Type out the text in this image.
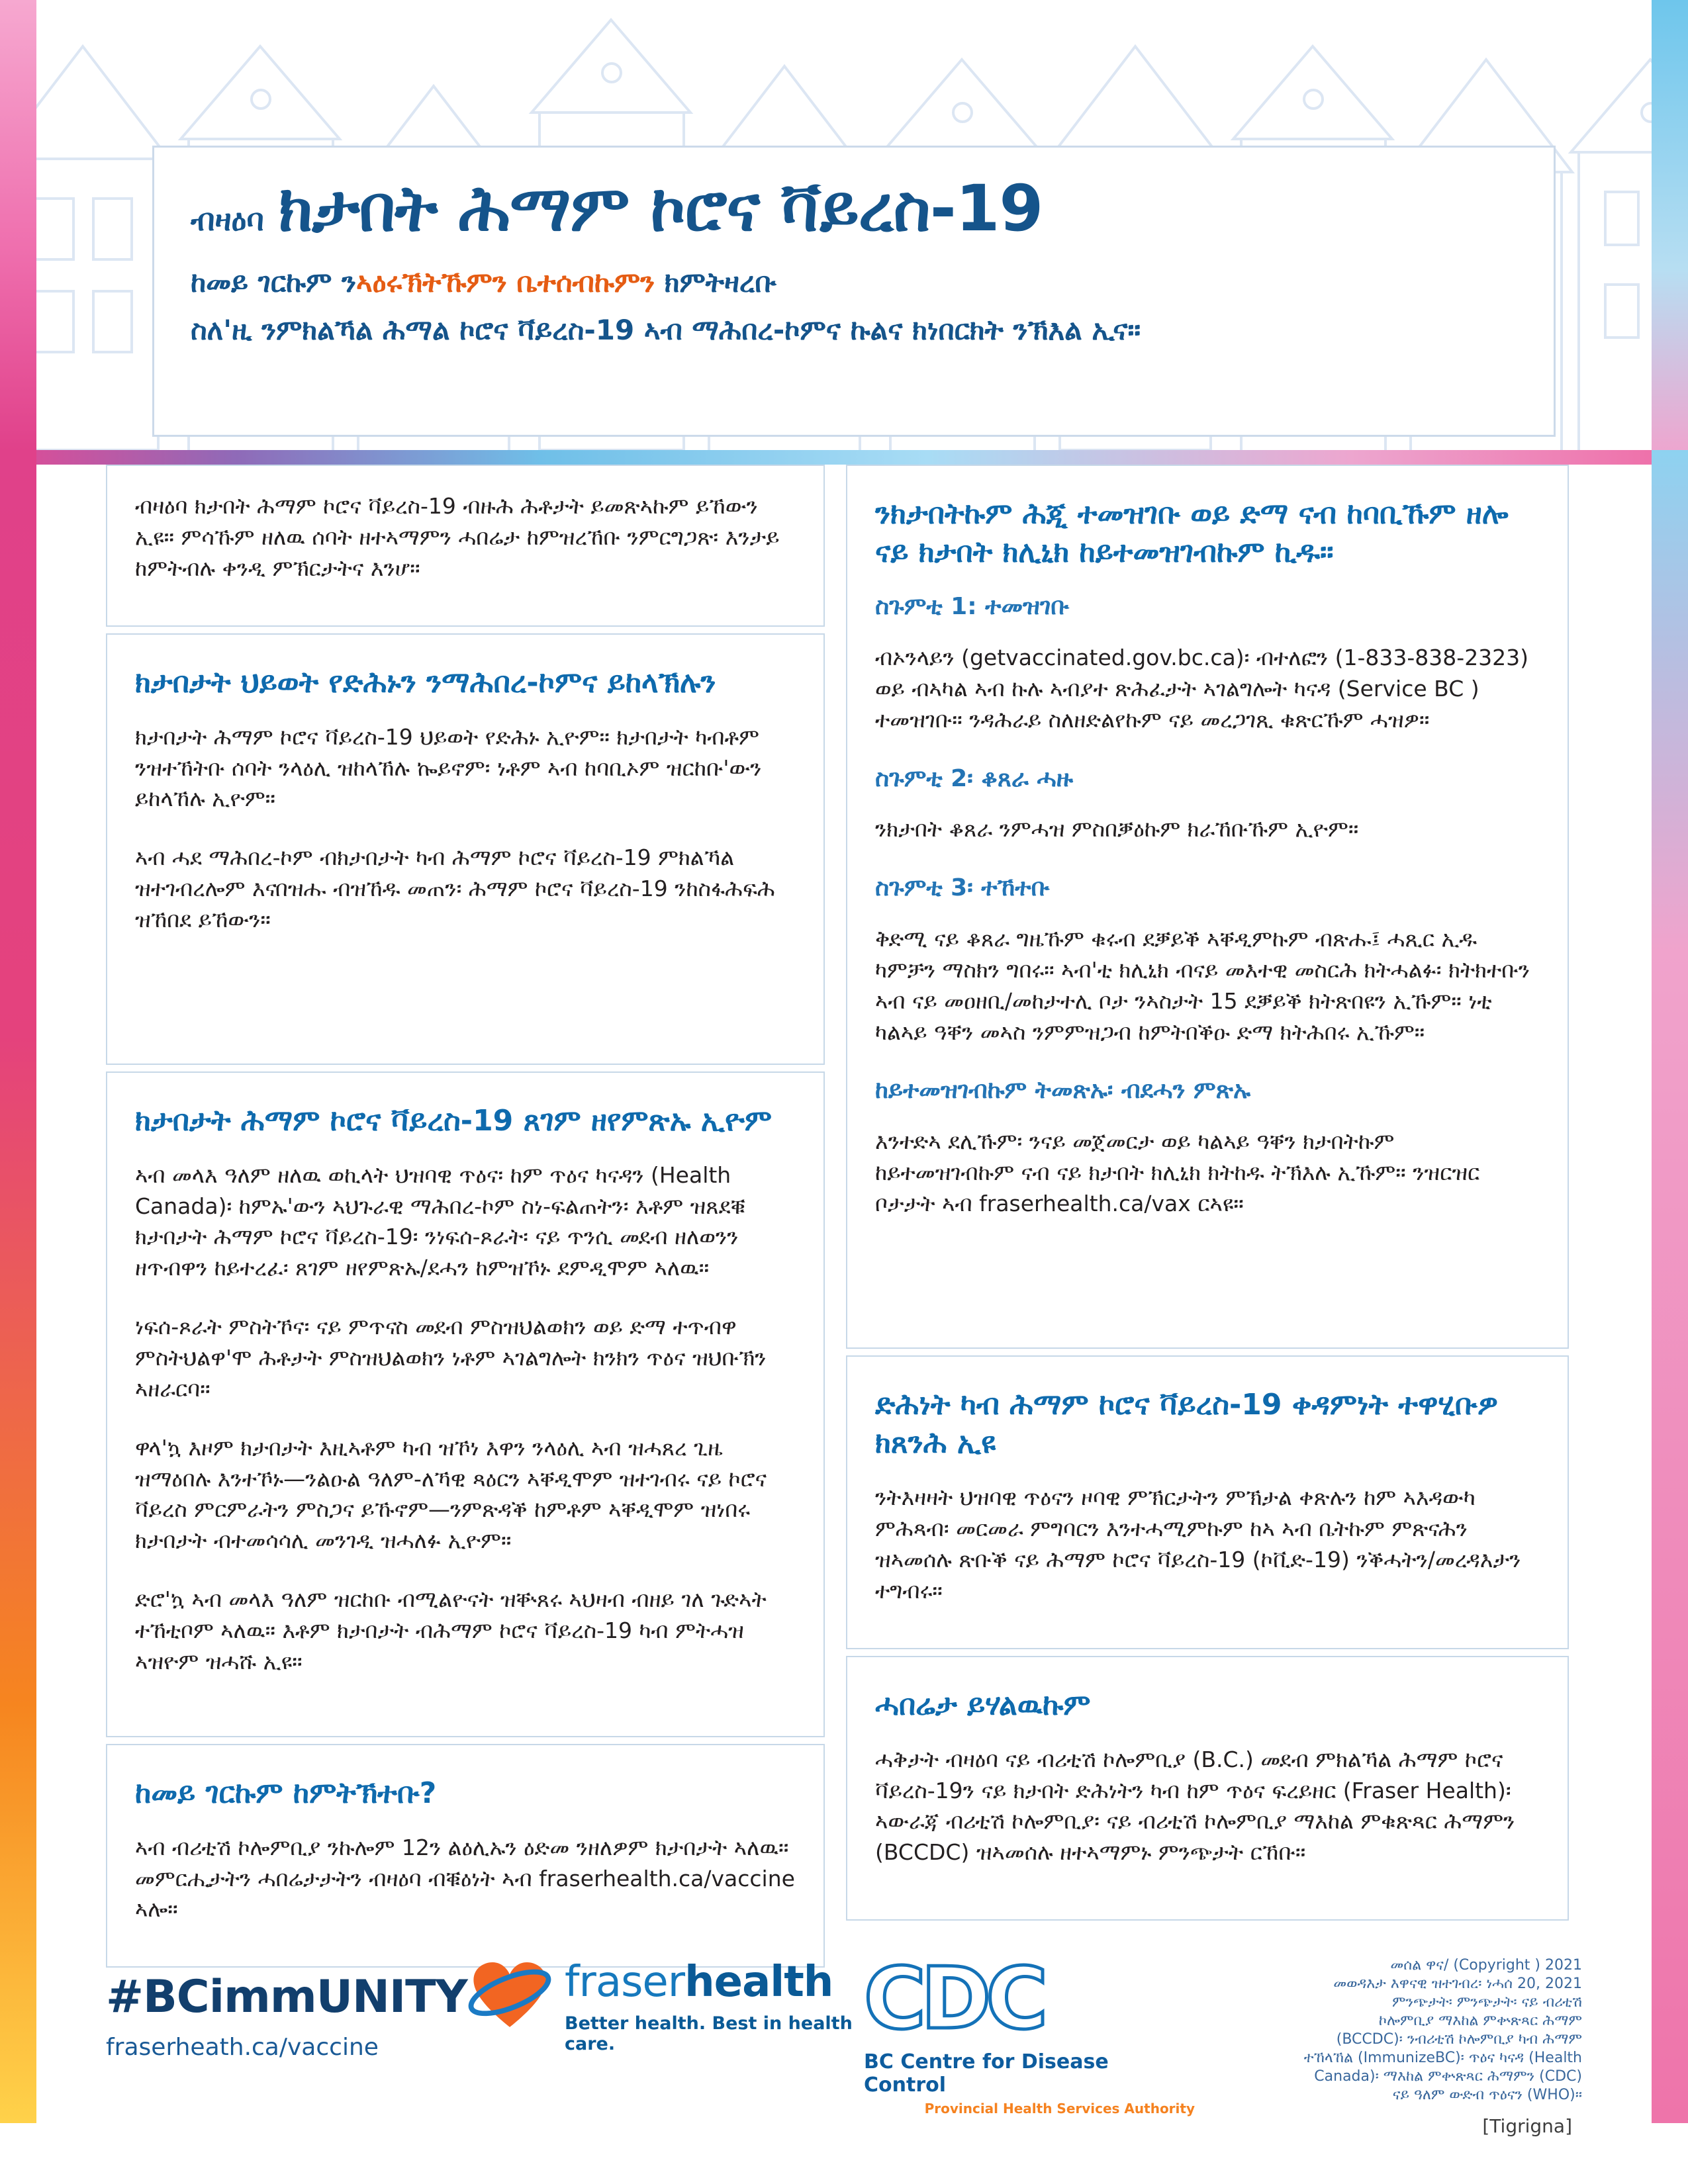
ብዛዕባ ክታበት ሕማም ኮሮና ቫይረስ-19
ከመይ ገርኩም ንኣዕሩኽትኹምን ቤተሰብኩምን ክምትዛረቡ
ስለ'ዚ ንምክልኻል ሕማል ኮሮና ቫይረስ-19 ኣብ ማሕበረ-ኮምና ኩልና ክነበርክት ንኽእል ኢና።

ብዛዕባ ክታበት ሕማም ኮሮና ቫይረስ-19 ብዙሕ ሕቶታት ይመጽኣኩም ይኸውን ኢዩ። ምሳኹም ዘለዉ ሰባት ዘተኣማምን ሓበሬታ ከምዝረኸቡ ንምርግጋጽ፡ እንታይ ከምትብሉ ቀንዲ ምኽርታትና እንሆ።

ክታበታት ህይወት የድሕኑን ንማሕበረ-ኮምና ይከላኽሉን

ክታበታት ሕማም ኮሮና ቫይረስ-19 ህይወት የድሕኑ ኢዮም። ክታበታት ካብቶም ንዝተኸትቡ ሰባት ንላዕሊ ዝከላኸሉ ኰይኖም፡ ነቶም ኣብ ከባቢኦም ዝርከቡ'ውን ይከላኸሉ ኢዮም።

ኣብ ሓደ ማሕበረ-ኮም ብክታበታት ካብ ሕማም ኮሮና ቫይረስ-19 ምክልኻል ዝተገብረሎም እናበዝሑ ብዝኸዱ መጠን፡ ሕማም ኮሮና ቫይረስ-19 ንከስፋሕፍሕ ዝኸበደ ይኸውን።

ክታበታት ሕማም ኮሮና ቫይረስ-19 ጸገም ዘየምጽኡ ኢዮም

ኣብ መላእ ዓለም ዘለዉ ወኪላት ህዝባዊ ጥዕና፡ ከም ጥዕና ካናዳን (Health Canada)፡ ከምኡ'ውን ኣህጉራዊ ማሕበረ-ኮም ስነ-ፍልጠትን፡ እቶም ዝጸደቑ ክታበታት ሕማም ኮሮና ቫይረስ-19፡ ንነፍሰ-ጾራት፡ ናይ ጥንሲ መደብ ዘለወንን ዘጥብዋን ከይተረፈ፡ ጸገም ዘየምጽኡ/ደሓን ከምዝኾኑ ደምዲሞም ኣለዉ።

ነፍሰ-ጾራት ምስትኾና፡ ናይ ምጥናስ መደብ ምስዝህልወክን ወይ ድማ ተጥብዋ ምስትህልዋ'ሞ ሕቶታት ምስዝህልወክን ነቶም ኣገልግሎት ክንክን ጥዕና ዝህቡኽን ኣዘራርባ።

ዋላ'ኳ እዞም ክታበታት እዚኣቶም ካብ ዝኾነ እዋን ንላዕሊ ኣብ ዝሓጸረ ጊዜ ዝማዕበሉ እንተኾኑ—ንልዑል ዓለም-ለኻዊ ጻዕርን ኣቐዲሞም ዝተገብሩ ናይ ኮሮና ቫይረስ ምርምራትን ምስጋና ይኹኖም—ንምጽዳቕ ከምቶም ኣቐዲሞም ዝነበሩ ክታበታት ብተመሳሳሊ መንገዲ ዝሓለፉ ኢዮም።

ድሮ'ኳ ኣብ መላእ ዓለም ዝርከቡ ብሚልዮናት ዝቝጸሩ ኣህዛብ ብዘይ ገለ ጉድኣት ተኸቲቦም ኣለዉ። እቶም ክታበታት ብሕማም ኮሮና ቫይረስ-19 ካብ ምትሓዝ ኣዝዮም ዝሓሹ ኢዩ።

ከመይ ገርኩም ከምትኽተቡ?

ኣብ ብሪቲሽ ኮሎምቢያ ንኩሎም 12ን ልዕሊኡን ዕድመ ንዘለዎም ክታበታት ኣለዉ። መምርሒታትን ሓበሬታታትን ብዛዕባ ብቑዕነት ኣብ fraserhealth.ca/vaccine ኣሎ።

ንክታበትኩም ሕጂ ተመዝገቡ ወይ ድማ ናብ ከባቢኹም ዘሎ ናይ ክታበት ክሊኒክ ከይተመዝገብኩም ኪዱ።

ስጉምቲ 1: ተመዝገቡ

ብኦንላይን (getvaccinated.gov.bc.ca)፡ ብተለፎን (1-833-838-2323) ወይ ብኣካል ኣብ ኩሉ ኣብያተ ጽሕፈታት ኣገልግሎት ካናዳ (Service BC ) ተመዝገቡ። ንዳሕራይ ስለዘድልየኩም ናይ መረጋገጺ ቁጽርኹም ሓዝዎ።

ስጉምቲ 2፡ ቆጸራ ሓዙ

ንክታበት ቆጸራ ንምሓዝ ምስበቓዕኩም ክራኸቡኹም ኢዮም።

ስጉምቲ 3፡ ተኸተቡ

ቅድሚ ናይ ቆጸራ ግዜኹም ቁሩብ ደቓይቕ ኣቐዲምኩም ብጽሑ፤ ሓጺር ኢዱ ካምቻን ማስክን ግበሩ። ኣብ'ቲ ክሊኒክ ብናይ መእተዊ መስርሕ ክትሓልፉ፡ ክትክተቡን ኣብ ናይ መዐዘቢ/መከታተሊ ቦታ ንኣስታት 15 ደቓይቕ ክትጽበዩን ኢኹም። ነቲ ካልኣይ ዓቐን መኣስ ንምምዝጋብ ከምትበቕዑ ድማ ክትሕበሩ ኢኹም።

ከይተመዝገብኩም ትመጽኡ፡ ብደሓን ምጽኡ

እንተድኣ ደሊኹም፡ ንናይ መጀመርታ ወይ ካልኣይ ዓቐን ክታበትኩም ከይተመዝገብኩም ናብ ናይ ክታበት ክሊኒክ ክትከዱ ትኽእሉ ኢኹም። ንዝርዝር ቦታታት ኣብ fraserhealth.ca/vax ርኣዩ።

ድሕነት ካብ ሕማም ኮሮና ቫይረስ-19 ቀዳምነት ተዋሂቡዎ ክጸንሕ ኢዩ

ንትእዛዛት ህዝባዊ ጥዕናን ዞባዊ ምኽርታትን ምኽታል ቀጽሉን ከም ኣእዳውካ ምሕጻብ፡ መርመራ ምግባርን እንተሓሚምኩም ከኣ ኣብ ቤትኩም ምጽናሕን ዝኣመሰሉ ጽቡቕ ናይ ሕማም ኮሮና ቫይረስ-19 (ኮቪድ-19) ንቕሓትን/መረዳእታን ተግብሩ።

ሓበሬታ ይሃልዉኩም

ሓቅታት ብዛዕባ ናይ ብሪቲሽ ኮሎምቢያ (B.C.) መደብ ምክልኻል ሕማም ኮሮና ቫይረስ-19ን ናይ ክታበት ድሕነትን ካብ ከም ጥዕና ፍረይዘር (Fraser Health)፡ ኣውራጃ ብሪቲሽ ኮሎምቢያ፡ ናይ ብሪቲሽ ኮሎምቢያ ማእከል ምቁጽጻር ሕማምን (BCCDC) ዝኣመሰሉ ዘተኣማምኑ ምንጭታት ርኸቡ።

#BCimmUNITY
fraserheath.ca/vaccine
fraserhealth
Better health. Best in health care.	CDC
BC Centre for Disease Control
Provincial Health Services Authority
መሰል ዋና/ (Copyright ) 2021
መወዳእታ እዋናዊ ዝተገብረ፡ ነሓሰ 20, 2021
ምንጭታት፡ ምንጭታት፡ ናይ ብሪቲሽ
ኮሎምቢያ ማእከል ምቍጽጻር ሕማም
(BCCDC)፡ ንብሪቲሽ ኮሎምቢያ ካብ ሕማም
ተኸላኸል (ImmunizeBC)፡ ጥዕና ካናዳ (Health
Canada)፡ ማእከል ምቍጽጻር ሕማምን (CDC)
ናይ ዓለም ውድብ ጥዕናን (WHO)።
[Tigrigna]
